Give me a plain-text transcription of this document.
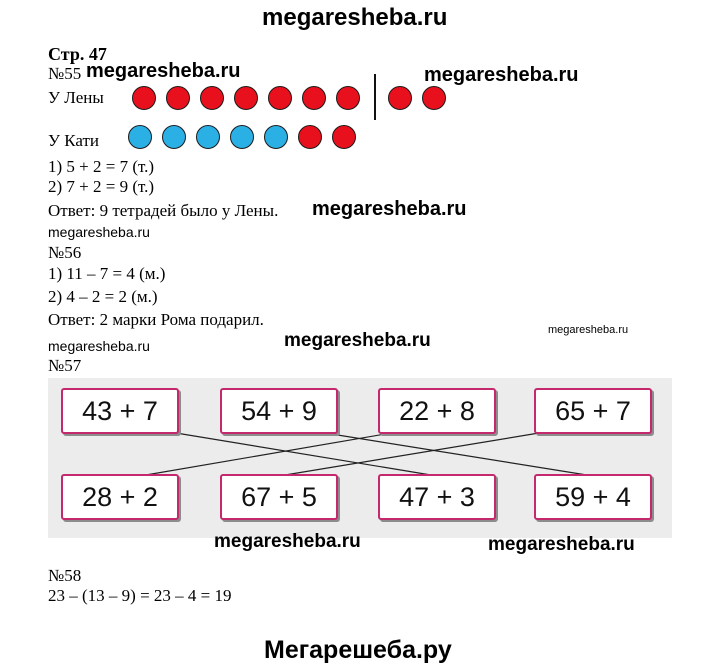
megaresheba.ru
Мегарешеба.ру
Стр. 47
№55 megaresheba.ru	megaresheba.ru
У Лены
У Кати
1) 5 + 2 = 7 (т.)
2) 7 + 2 = 9 (т.)
Ответ: 9 тетрадей было у Лены. megaresheba.ru
megaresheba.ru
№56
1) 11 – 7 = 4 (м.)
2) 4 – 2 = 2 (м.)
Ответ: 2 марки Рома подарил.
megaresheba.ru
megaresheba.ru
megaresheba.ru
№57
43 + 7	54 + 9	22 + 8	65 + 7
28 + 2	67 + 5	47 + 3	59 + 4
megaresheba.ru	megaresheba.ru
№58
23 – (13 – 9) = 23 – 4 = 19
